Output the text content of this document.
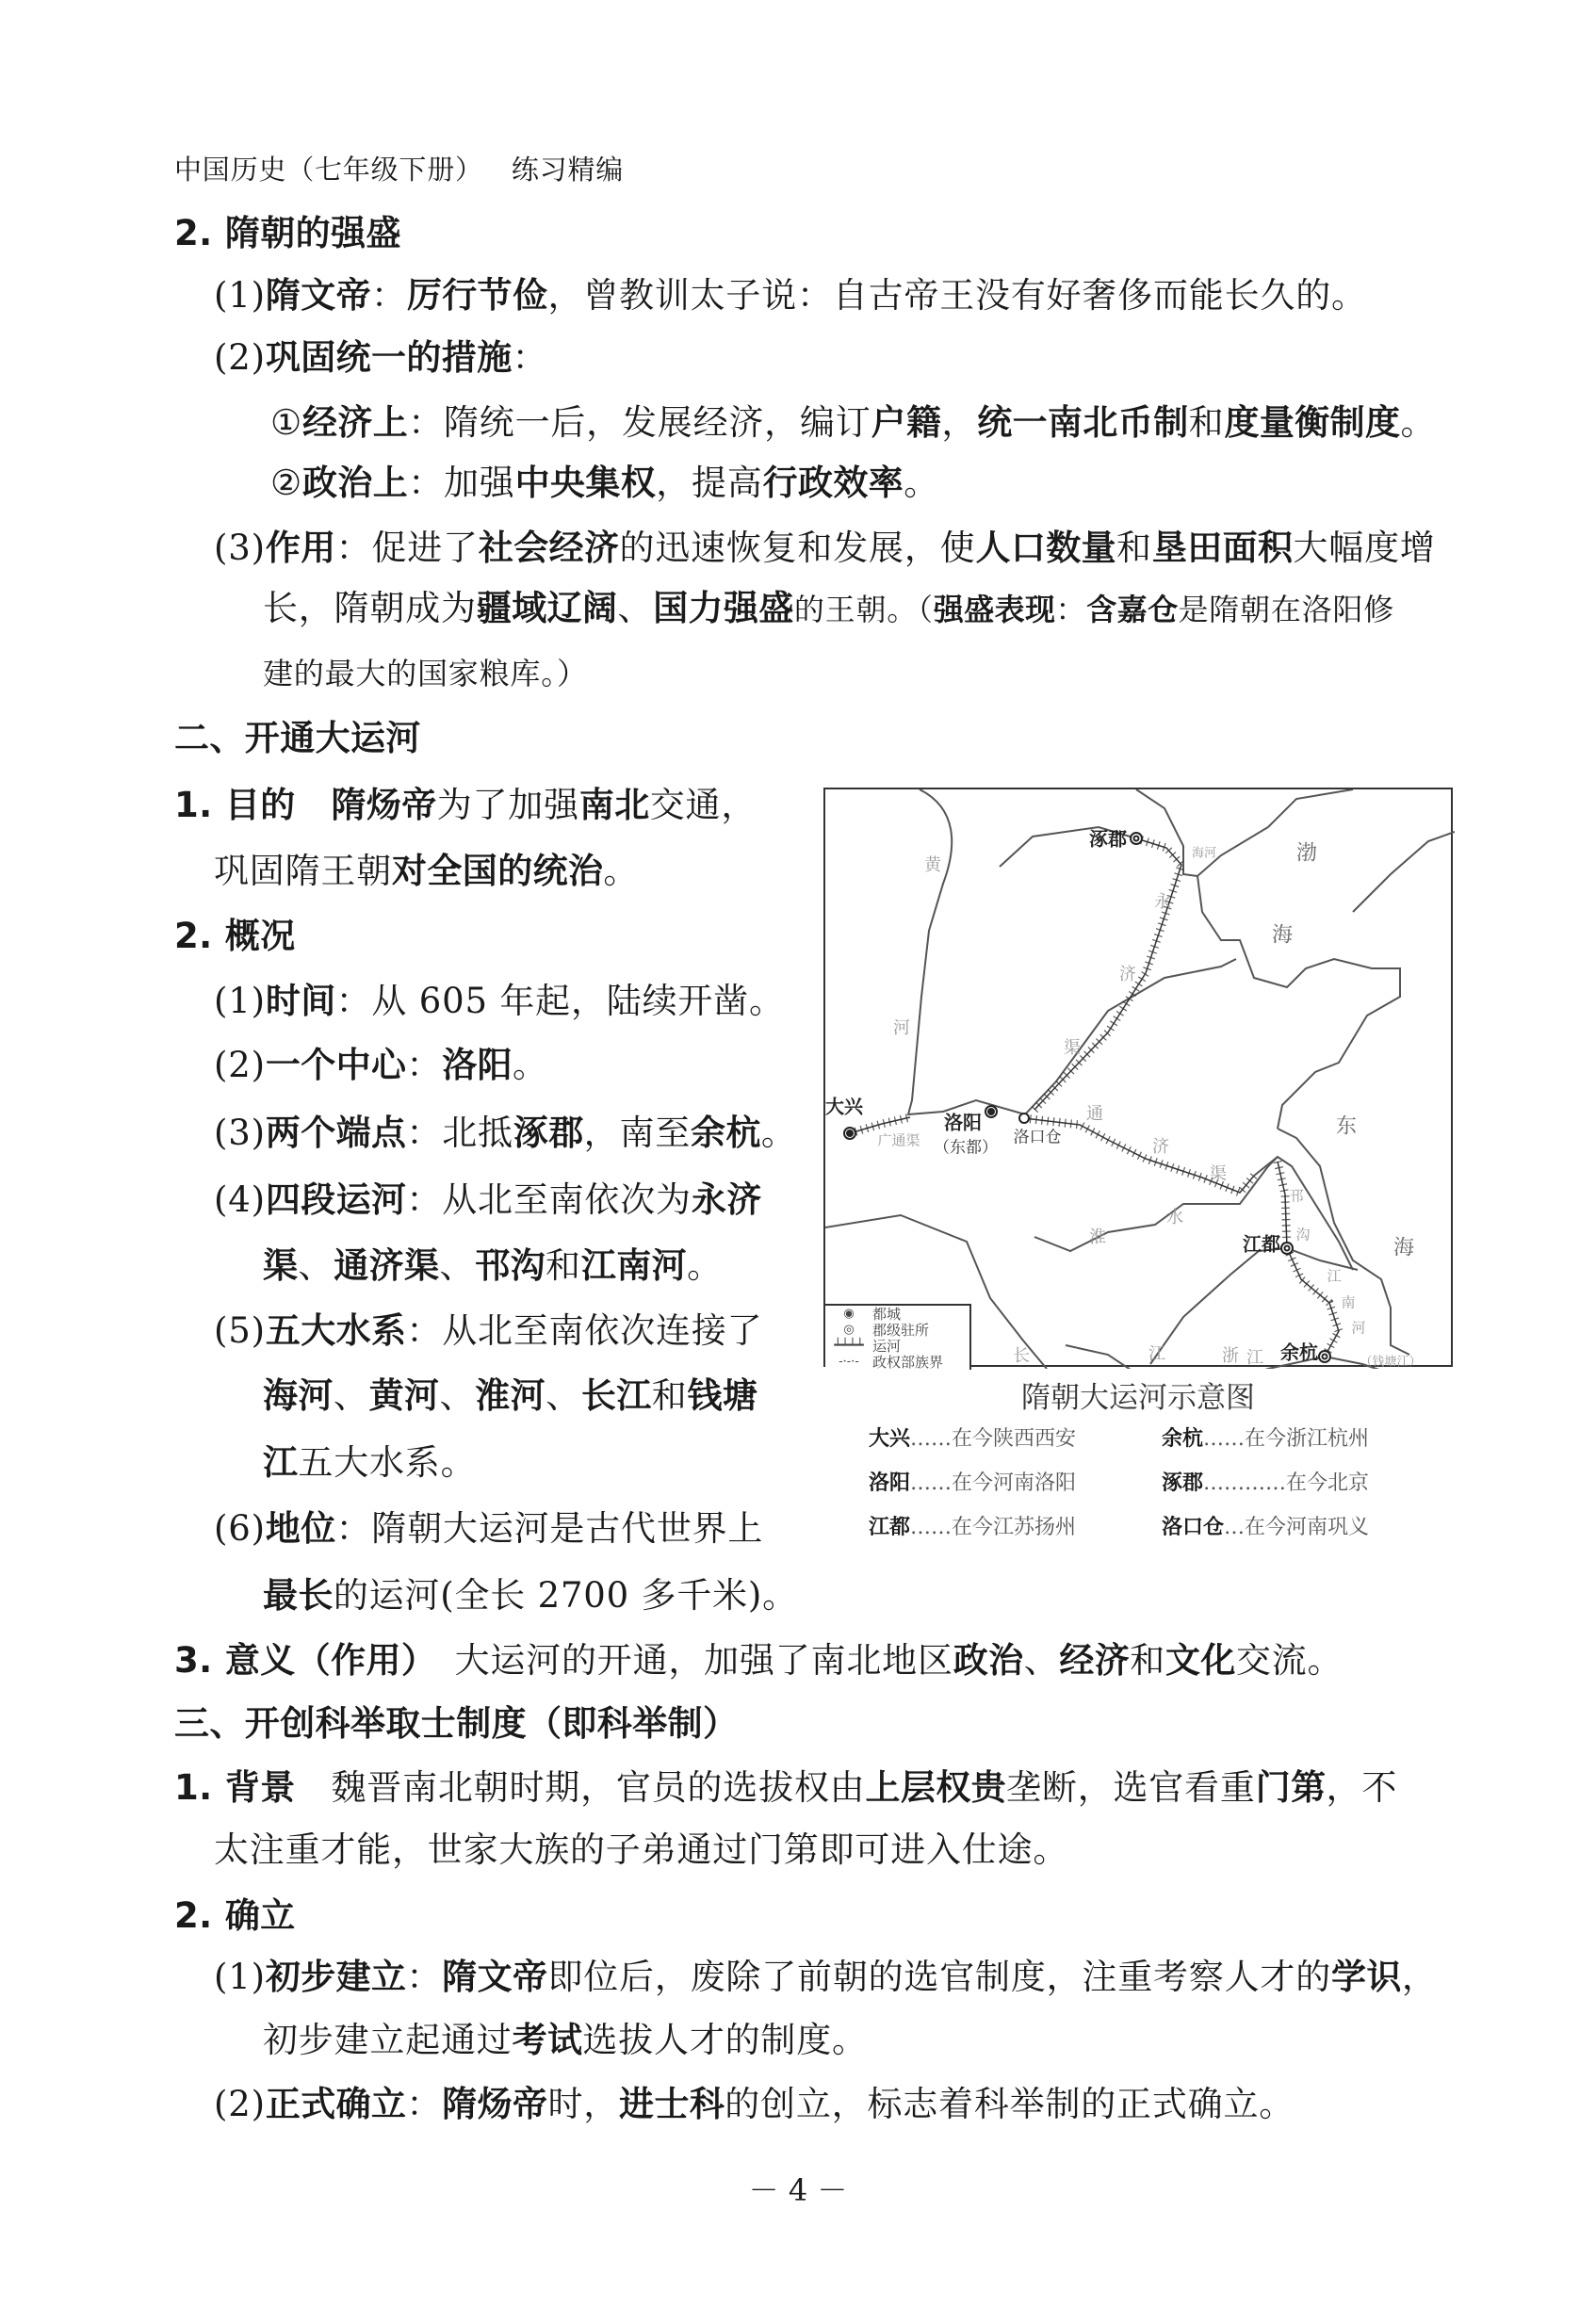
中国历史（七年级下册） 练习精编
2. 隋朝的强盛
(1)隋文帝：厉行节俭，曾教训太子说：自古帝王没有好奢侈而能长久的。
(2)巩固统一的措施：
①经济上：隋统一后，发展经济，编订户籍，统一南北币制和度量衡制度。
②政治上：加强中央集权，提高行政效率。
(3)作用：促进了社会经济的迅速恢复和发展，使人口数量和垦田面积大幅度增
长，隋朝成为疆域辽阔、国力强盛的王朝。（强盛表现：含嘉仓是隋朝在洛阳修
建的最大的国家粮库。）
二、开通大运河
1. 目的　 隋炀帝为了加强南北交通，
巩固隋王朝对全国的统治。
2. 概况
(1)时间：从 605 年起，陆续开凿。
(2)一个中心：洛阳。
(3)两个端点：北抵涿郡，南至余杭。
(4)四段运河：从北至南依次为永济
渠、通济渠、邗沟和江南河。
(5)五大水系：从北至南依次连接了
海河、黄河、淮河、长江和钱塘
江五大水系。
(6)地位：隋朝大运河是古代世界上
最长的运河(全长 2700 多千米)。
3. 意义（作用）　大运河的开通，加强了南北地区政治、经济和文化交流。
三、开创科举取士制度（即科举制）
1. 背景　魏晋南北朝时期，官员的选拔权由上层权贵垄断，选官看重门第，不
太注重才能，世家大族的子弟通过门第即可进入仕途。
2. 确立
(1)初步建立：隋文帝即位后，废除了前朝的选官制度，注重考察人才的学识，
初步建立起通过考试选拔人才的制度。
(2)正式确立：隋炀帝时，进士科的创立，标志着科举制的正式确立。
涿郡
大兴
洛阳
（东都）
洛口仓
江都
余杭
黄
河
渤
海
东
海
淮
水
长	江	浙 江	（钱塘江）
海河
永
济
渠
通
济
渠
广通渠
邗
沟
江
南
河
◉	都城
◎	郡级驻所
┷┷┷┷ 运河
-·-·- 政权部族界
隋朝大运河示意图
大兴……在今陕西西安	余杭……在今浙江杭州
洛阳……在今河南洛阳	涿郡…………在今北京
江都……在今江苏扬州	洛口仓…在今河南巩义
－ 4 －
